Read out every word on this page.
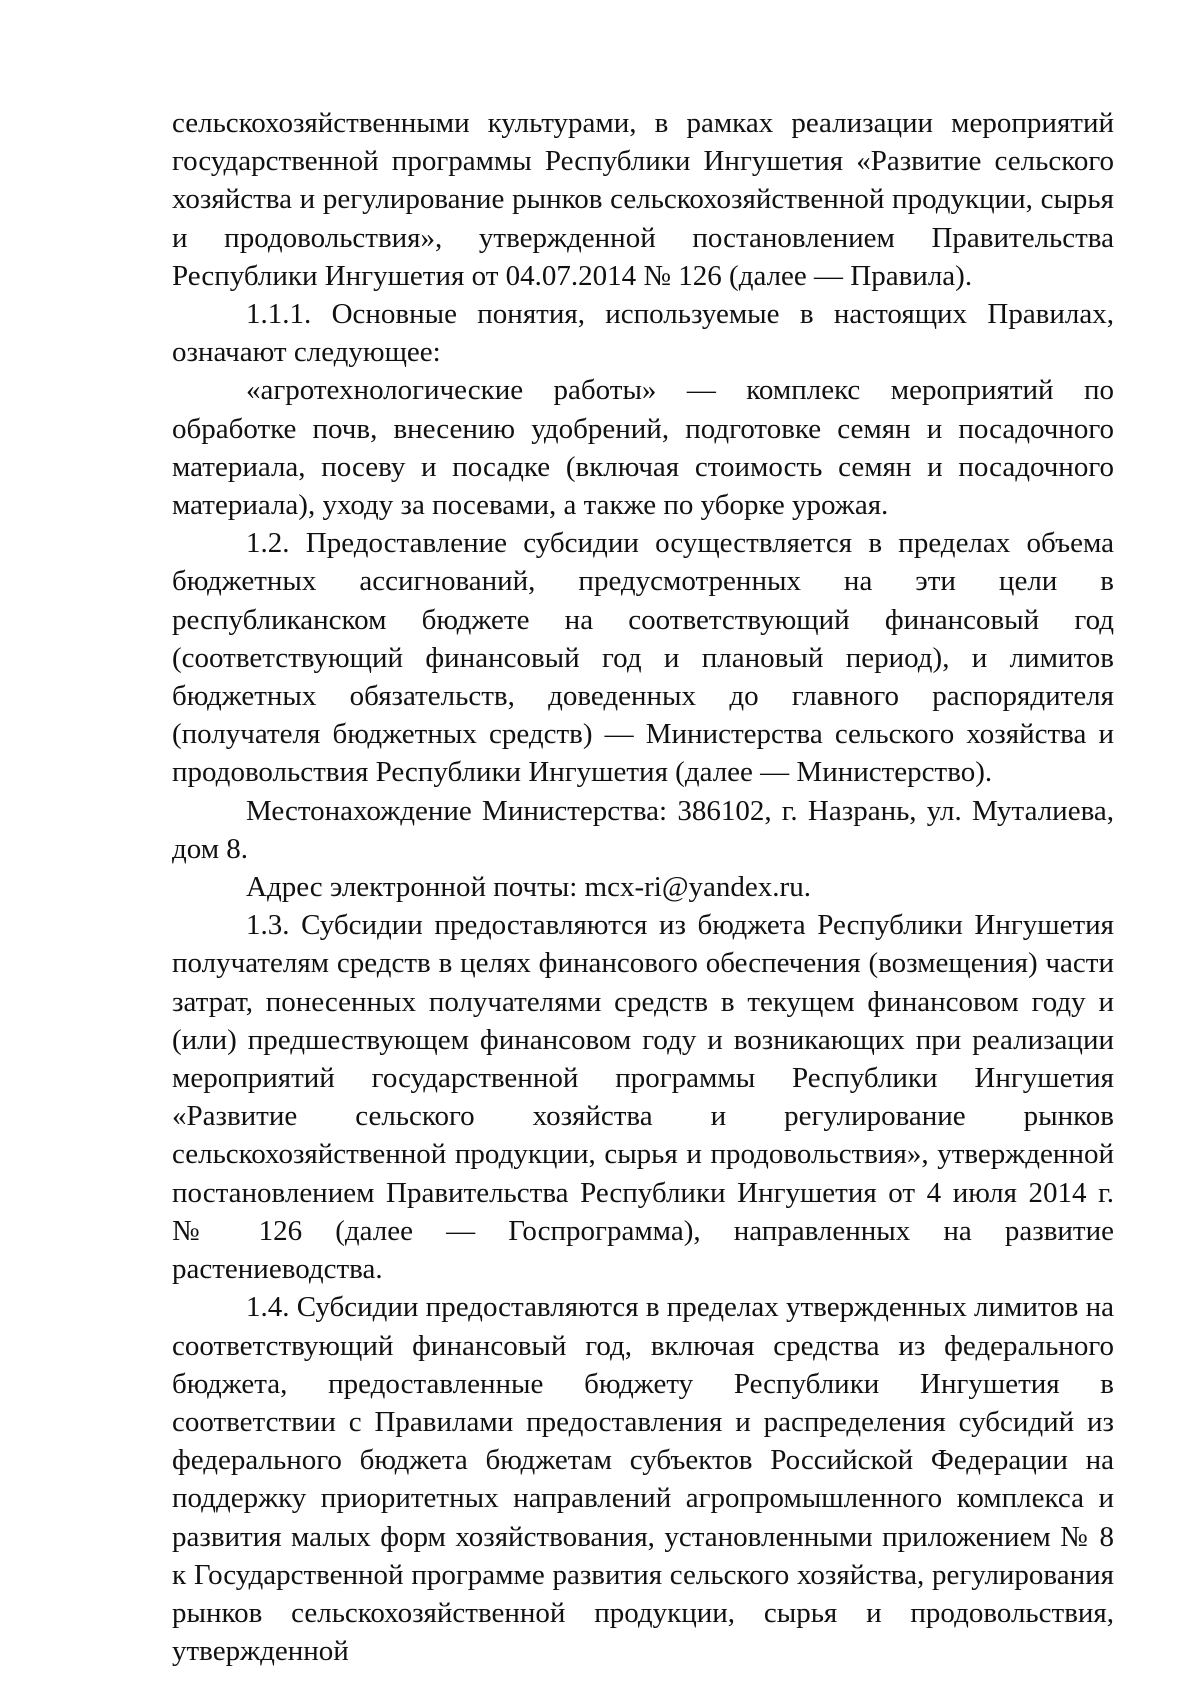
сельскохозяйственными культурами, в рамках реализации мероприятий государственной программы Республики Ингушетия «Развитие сельского хозяйства и регулирование рынков сельскохозяйственной продукции, сырья и продовольствия», утвержденной постановлением Правительства Республики Ингушетия от 04.07.2014 № 126 (далее — Правила).

1.1.1. Основные понятия, используемые в настоящих Правилах, означают следующее:

«агротехнологические работы» — комплекс мероприятий по обработке почв, внесению удобрений, подготовке семян и посадочного материала, посеву и посадке (включая стоимость семян и посадочного материала), уходу за посевами, а также по уборке урожая.

1.2. Предоставление субсидии осуществляется в пределах объема бюджетных ассигнований, предусмотренных на эти цели в республиканском бюджете на соответствующий финансовый год (соответствующий финансовый год и плановый период), и лимитов бюджетных обязательств, доведенных до главного распорядителя (получателя бюджетных средств) — Министерства сельского хозяйства и продовольствия Республики Ингушетия (далее — Министерство).

Местонахождение Министерства: 386102, г. Назрань, ул. Муталиева, дом 8.

Адрес электронной почты: mcx-ri@yandex.ru.

1.3. Субсидии предоставляются из бюджета Республики Ингушетия получателям средств в целях финансового обеспечения (возмещения) части затрат, понесенных получателями средств в текущем финансовом году и (или) предшествующем финансовом году и возникающих при реализации мероприятий государственной программы Республики Ингушетия «Развитие сельского хозяйства и регулирование рынков сельскохозяйственной продукции, сырья и продовольствия», утвержденной постановлением Правительства Республики Ингушетия от 4 июля 2014 г. № 126 (далее — Госпрограмма), направленных на развитие растениеводства.

1.4. Субсидии предоставляются в пределах утвержденных лимитов на соответствующий финансовый год, включая средства из федерального бюджета, предоставленные бюджету Республики Ингушетия в соответствии с Правилами предоставления и распределения субсидий из федерального бюджета бюджетам субъектов Российской Федерации на поддержку приоритетных направлений агропромышленного комплекса и развития малых форм хозяйствования, установленными приложением № 8 к Государственной программе развития сельского хозяйства, регулирования рынков сельскохозяйственной продукции, сырья и продовольствия, утвержденной
